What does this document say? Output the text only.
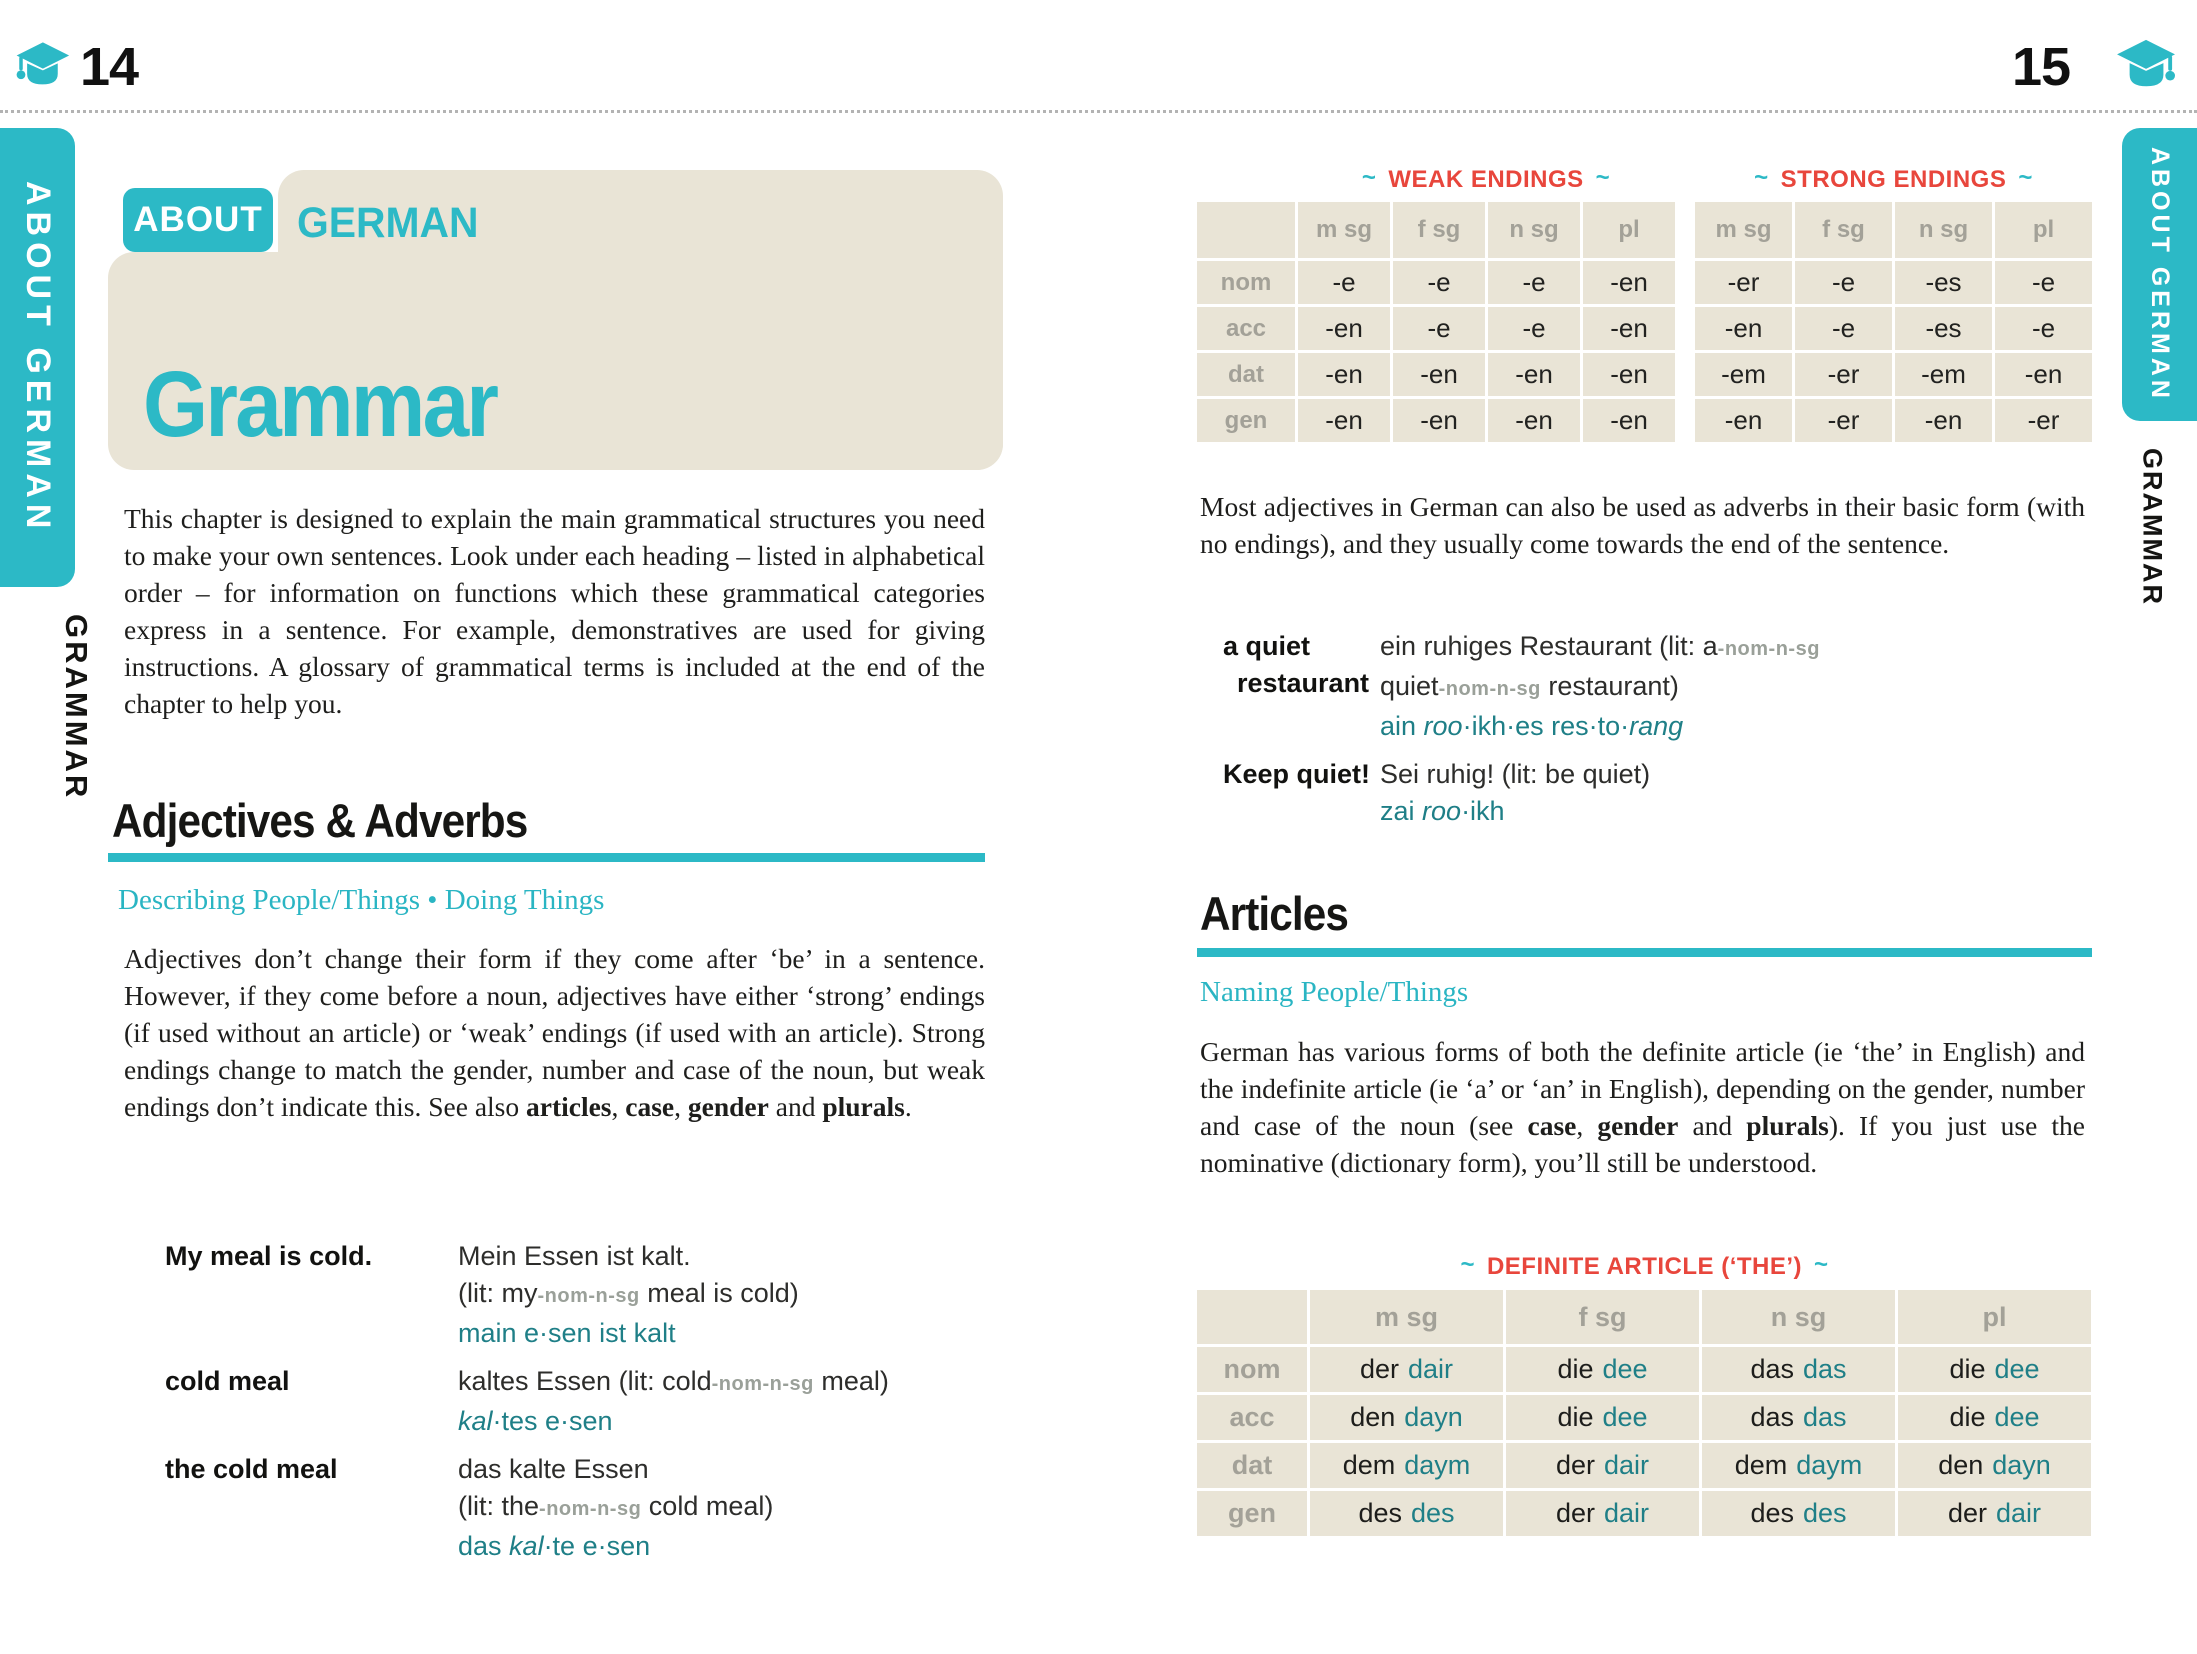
14	15
ABOUT GERMAN
GRAMMAR
ABOUT GERMAN
GRAMMAR
ABOUT GERMAN
Grammar
This chapter is designed to explain the main grammatical structures you need to make your own sentences. Look under each heading – listed in alphabetical order – for information on functions which these grammatical categories express in a sentence. For example, demonstratives are used for giving instructions. A glossary of grammatical terms is included at the end of the chapter to help you.
Adjectives & Adverbs
Describing People/Things • Doing Things
Adjectives don’t change their form if they come after ‘be’ in a sentence. However, if they come before a noun, adjectives have either ‘strong’ endings (if used without an article) or ‘weak’ endings (if used with an article). Strong endings change to match the gender, number and case of the noun, but weak endings don’t indicate this. See also articles, case, gender and plurals.
My meal is cold.	Mein Essen ist kalt.
(lit: my-nom-n-sg meal is cold)
main e·sen ist kalt
cold meal	kaltes Essen (lit: cold-nom-n-sg meal)
kal·tes e·sen
the cold meal	das kalte Essen
(lit: the-nom-n-sg cold meal)
das kal·te e·sen
~ WEAK ENDINGS ~	~ STRONG ENDINGS ~
m sg	f sg	n sg	pl
nom	-e	-e	-e	-en
acc	-en	-e	-e	-en
dat	-en	-en	-en	-en
gen	-en	-en	-en	-en
m sg	f sg	n sg	pl
-er	-e	-es	-e
-en	-e	-es	-e
-em	-er	-em	-en
-en	-er	-en	-er
Most adjectives in German can also be used as adverbs in their basic form (with no endings), and they usually come towards the end of the sentence.
a quiet
restaurant
ein ruhiges Restaurant (lit: a-nom-n-sg
quiet-nom-n-sg restaurant)
ain roo·ikh·es res·to·rang
Keep quiet! Sei ruhig! (lit: be quiet)
zai roo·ikh
Articles
Naming People/Things
German has various forms of both the definite article (ie ‘the’ in English) and the indefinite article (ie ‘a’ or ‘an’ in English), depending on the gender, number and case of the noun (see case, gender and plurals). If you just use the nominative (dictionary form), you’ll still be understood.
~ DEFINITE ARTICLE (‘THE’) ~
m sg	f sg	n sg	pl
nom	der dair	die dee	das das	die dee
acc	den dayn	die dee	das das	die dee
dat	dem daym	der dair	dem daym	den dayn
gen	des des	der dair	des des	der dair
